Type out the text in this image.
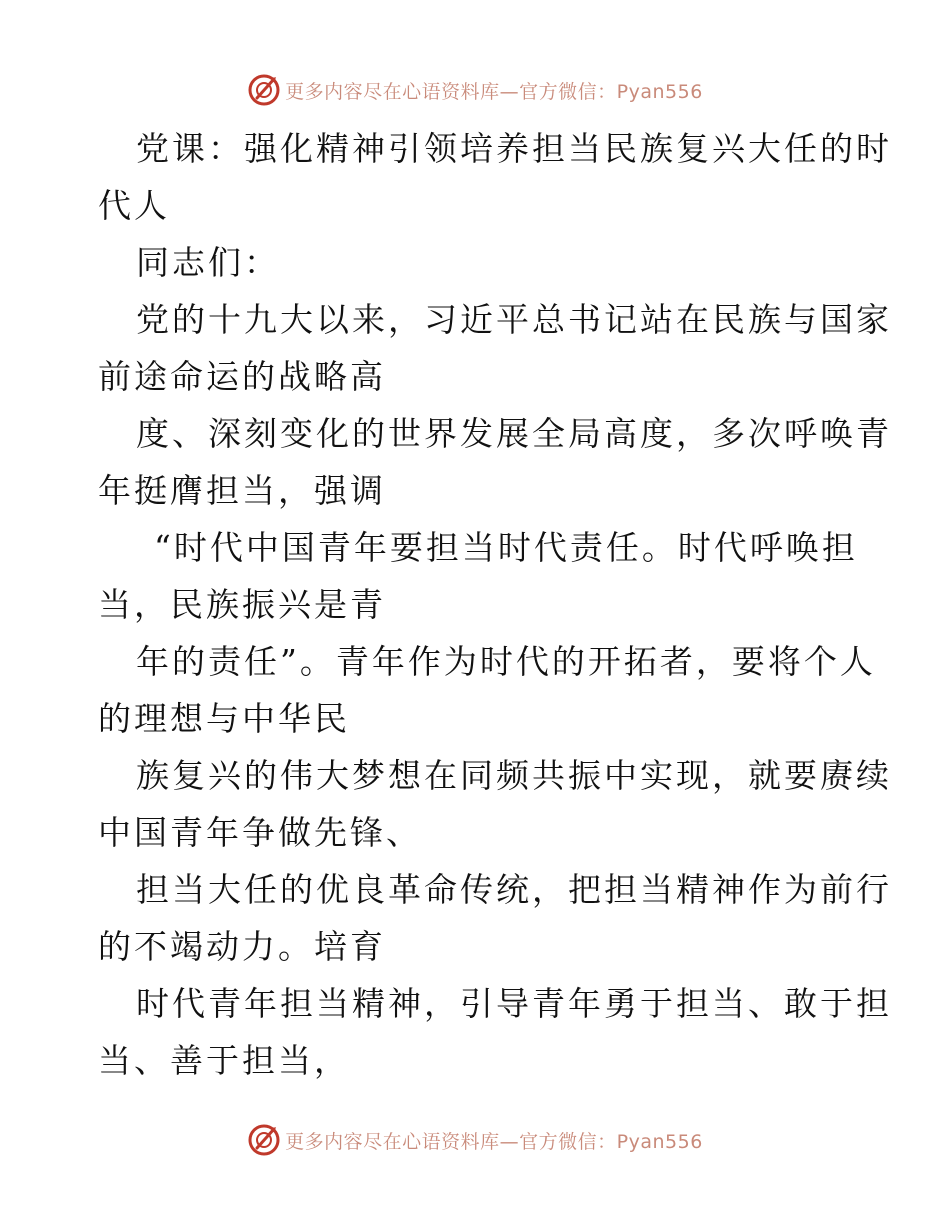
更多内容尽在心语资料库—官方微信：Pyan556
党课：强化精神引领培养担当民族复兴大任的时
代人
同志们：
党的十九大以来，习近平总书记站在民族与国家
前途命运的战略高
度、深刻变化的世界发展全局高度，多次呼唤青
年挺膺担当，强调
“时代中国青年要担当时代责任。时代呼唤担
当，民族振兴是青
年的责任”。青年作为时代的开拓者，要将个人
的理想与中华民
族复兴的伟大梦想在同频共振中实现，就要赓续
中国青年争做先锋、
担当大任的优良革命传统，把担当精神作为前行
的不竭动力。培育
时代青年担当精神，引导青年勇于担当、敢于担
当、善于担当，
更多内容尽在心语资料库—官方微信：Pyan556
